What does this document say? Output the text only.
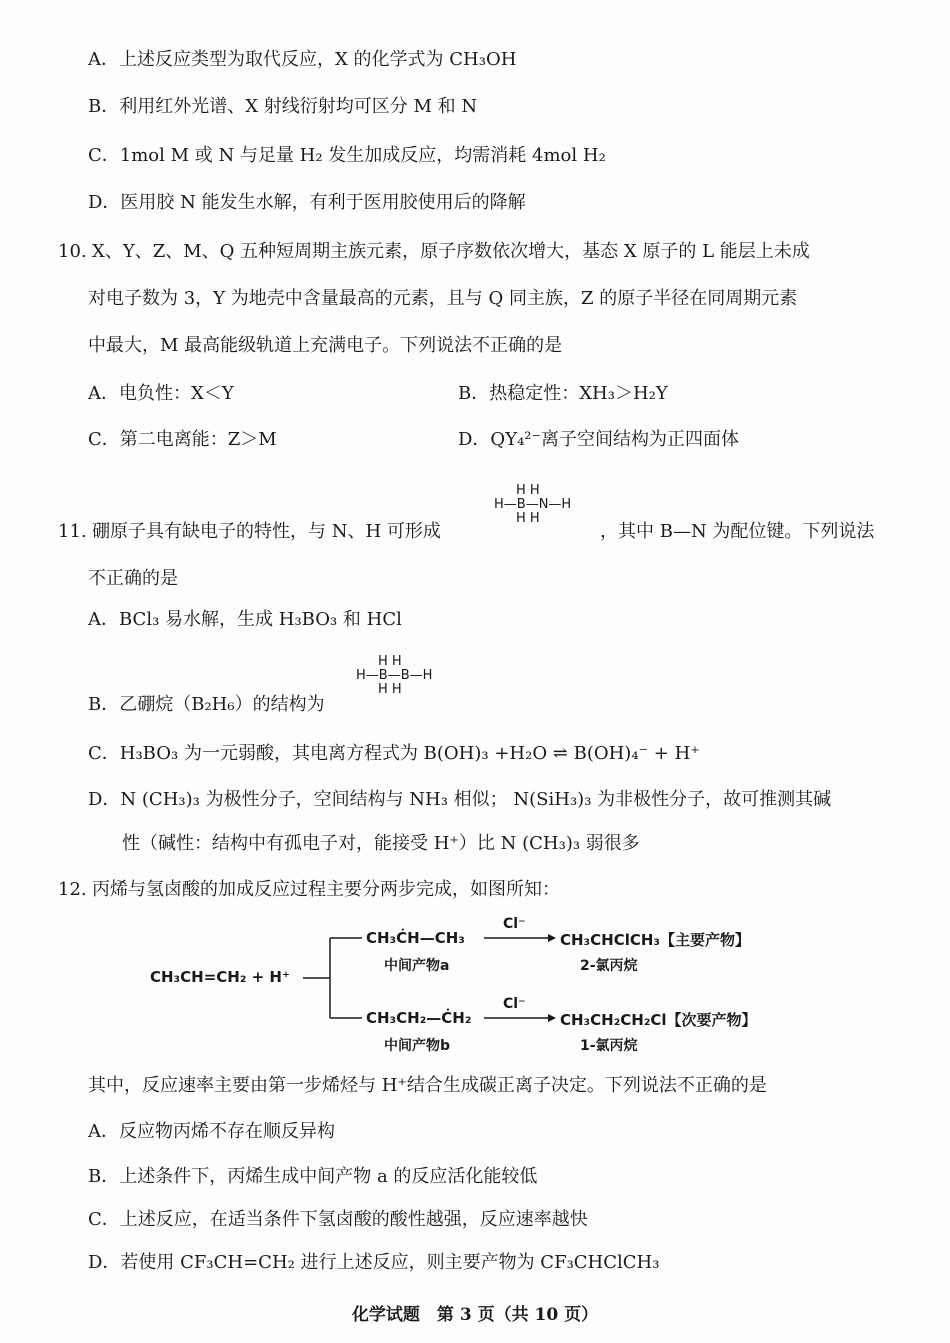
A．上述反应类型为取代反应，X 的化学式为 CH₃OH
B．利用红外光谱、X 射线衍射均可区分 M 和 N
C．1mol M 或 N 与足量 H₂ 发生加成反应，均需消耗 4mol H₂
D．医用胶 N 能发生水解，有利于医用胶使用后的降解
10. X、Y、Z、M、Q 五种短周期主族元素，原子序数依次增大，基态 X 原子的 L 能层上未成
对电子数为 3，Y 为地壳中含量最高的元素，且与 Q 同主族，Z 的原子半径在同周期元素
中最大，M 最高能级轨道上充满电子。下列说法不正确的是
A．电负性：X＜Y	B．热稳定性：XH₃＞H₂Y
C．第二电离能：Z＞M	D．QY₄²⁻离子空间结构为正四面体
11. 硼原子具有缺电子的特性，与 N、H 可形成
H H
H—B—N—H
H H
，其中 B—N 为配位键。下列说法
不正确的是
A．BCl₃ 易水解，生成 H₃BO₃ 和 HCl
B．乙硼烷（B₂H₆）的结构为
H H
H—B—B—H
H H
C．H₃BO₃ 为一元弱酸，其电离方程式为 B(OH)₃ +H₂O ⇌ B(OH)₄⁻ + H⁺
D．N (CH₃)₃ 为极性分子，空间结构与 NH₃ 相似； N(SiH₃)₃ 为非极性分子，故可推测其碱
性（碱性：结构中有孤电子对，能接受 H⁺）比 N (CH₃)₃ 弱很多
12. 丙烯与氢卤酸的加成反应过程主要分两步完成，如图所知：
CH₃CH=CH₂ + H⁺
CH₃ĊH—CH₃
中间产物a
Cl⁻
CH₃CHClCH₃【主要产物】
2-氯丙烷
CH₃CH₂—ĊH₂
中间产物b
Cl⁻
CH₃CH₂CH₂Cl【次要产物】
1-氯丙烷
其中，反应速率主要由第一步烯烃与 H⁺结合生成碳正离子决定。下列说法不正确的是
A．反应物丙烯不存在顺反异构
B．上述条件下，丙烯生成中间产物 a 的反应活化能较低
C．上述反应，在适当条件下氢卤酸的酸性越强，反应速率越快
D．若使用 CF₃CH=CH₂ 进行上述反应，则主要产物为 CF₃CHClCH₃
化学试题　第 3 页（共 10 页）
